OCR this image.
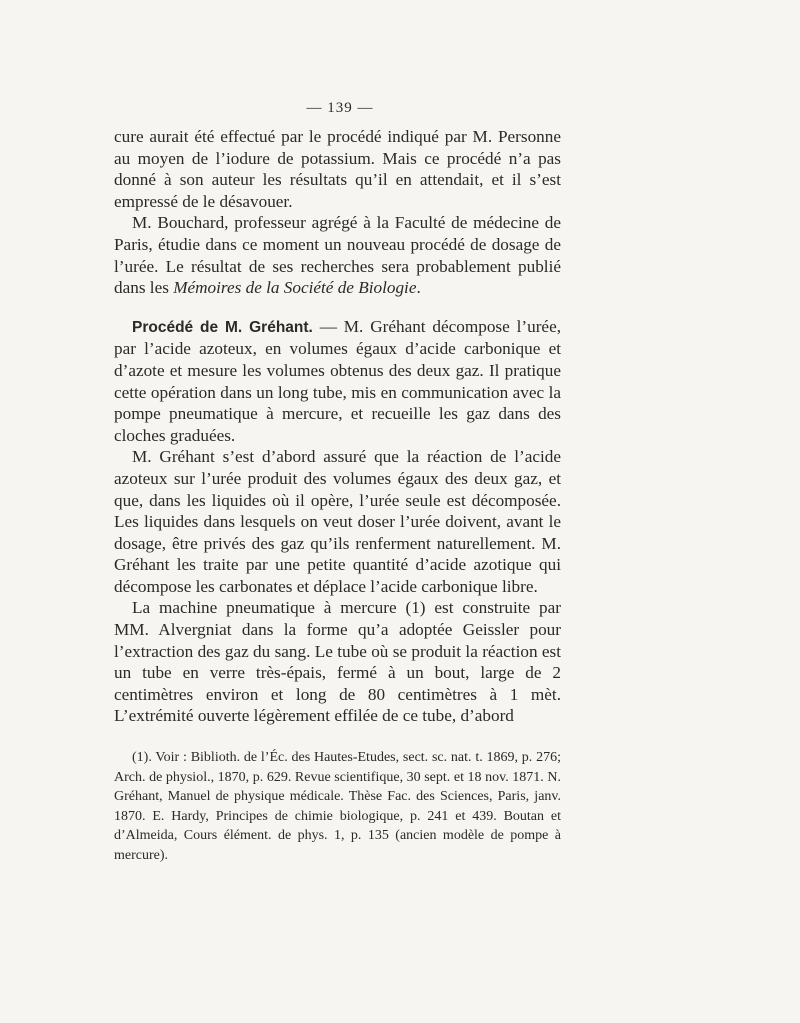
— 139 —

cure aurait été effectué par le procédé indiqué par M. Personne au moyen de l’iodure de potassium. Mais ce procédé n’a pas donné à son auteur les résultats qu’il en attendait, et il s’est empressé de le désavouer.

M. Bouchard, professeur agrégé à la Faculté de médecine de Paris, étudie dans ce moment un nouveau procédé de dosage de l’urée. Le résultat de ses recherches sera probablement publié dans les Mémoires de la Société de Biologie.

Procédé de M. Gréhant. — M. Gréhant décompose l’urée, par l’acide azoteux, en volumes égaux d’acide carbonique et d’azote et mesure les volumes obtenus des deux gaz. Il pratique cette opération dans un long tube, mis en communication avec la pompe pneumatique à mercure, et recueille les gaz dans des cloches graduées.

M. Gréhant s’est d’abord assuré que la réaction de l’acide azoteux sur l’urée produit des volumes égaux des deux gaz, et que, dans les liquides où il opère, l’urée seule est décomposée. Les liquides dans lesquels on veut doser l’urée doivent, avant le dosage, être privés des gaz qu’ils renferment naturellement. M. Gréhant les traite par une petite quantité d’acide azotique qui décompose les carbonates et déplace l’acide carbonique libre.

La machine pneumatique à mercure (1) est construite par MM. Alvergniat dans la forme qu’a adoptée Geissler pour l’extraction des gaz du sang. Le tube où se produit la réaction est un tube en verre très-épais, fermé à un bout, large de 2 centimètres environ et long de 80 centimètres à 1 mèt. L’extrémité ouverte légèrement effilée de ce tube, d’abord

(1). Voir : Biblioth. de l’Éc. des Hautes-Etudes, sect. sc. nat. t. 1869, p. 276; Arch. de physiol., 1870, p. 629. Revue scientifique, 30 sept. et 18 nov. 1871. N. Gréhant, Manuel de physique médicale. Thèse Fac. des Sciences, Paris, janv. 1870. E. Hardy, Principes de chimie biologique, p. 241 et 439. Boutan et d’Almeida, Cours élément. de phys. 1, p. 135 (ancien modèle de pompe à mercure).
